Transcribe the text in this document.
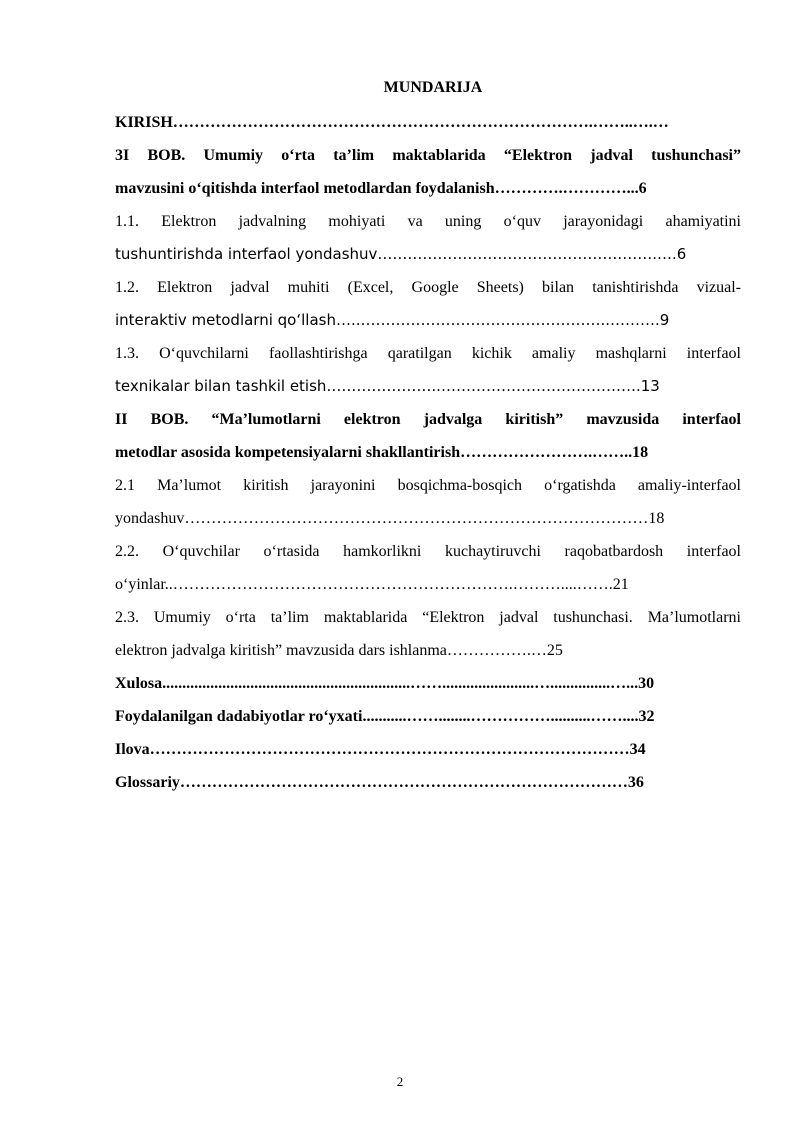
MUNDARIJA
KIRISH…………………………………………………………………….……..….…
3I BOB. Umumiy o‘rta ta’lim maktablarida “Elektron jadval tushunchasi”
mavzusini o‘qitishda interfaol metodlardan foydalanish………….…………...6
1.1. Elektron jadvalning mohiyati va uning o‘quv jarayonidagi ahamiyatini
tushuntirishda interfaol yondashuv………………………………………….…….….6
1.2. Elektron jadval muhiti (Excel, Google Sheets) bilan tanishtirishda vizual-
interaktiv metodlarni qo‘llash…..…………………………………………..……….9
1.3. O‘quvchilarni faollashtirishga qaratilgan kichik amaliy mashqlarni interfaol
texnikalar bilan tashkil etish…………………..………………………………….13
II BOB. “Ma’lumotlarni elektron jadvalga kiritish” mavzusida interfaol
metodlar asosida kompetensiyalarni shakllantirish…………………….……..18
2.1 Ma’lumot kiritish jarayonini bosqichma-bosqich o‘rgatishda amaliy-interfaol
yondashuv……………………………………………………………………………18
2.2. O‘quvchilar o‘rtasida hamkorlikni kuchaytiruvchi raqobatbardosh interfaol
o‘yinlar..……………………………………………………….………....…….21
2.3. Umumiy o‘rta ta’lim maktablarida “Elektron jadval tushunchasi. Ma’lumotlarni
elektron jadvalga kiritish” mavzusida dars ishlanma…………….…25
Xulosa..............................................................…….......................…...............…...30
Foydalanilgan dadabiyotlar ro‘yxati...........……........……………..........……....32
Ilova………………………………………………………………………………34
Glossariy…………………………………………………………………………36
2
